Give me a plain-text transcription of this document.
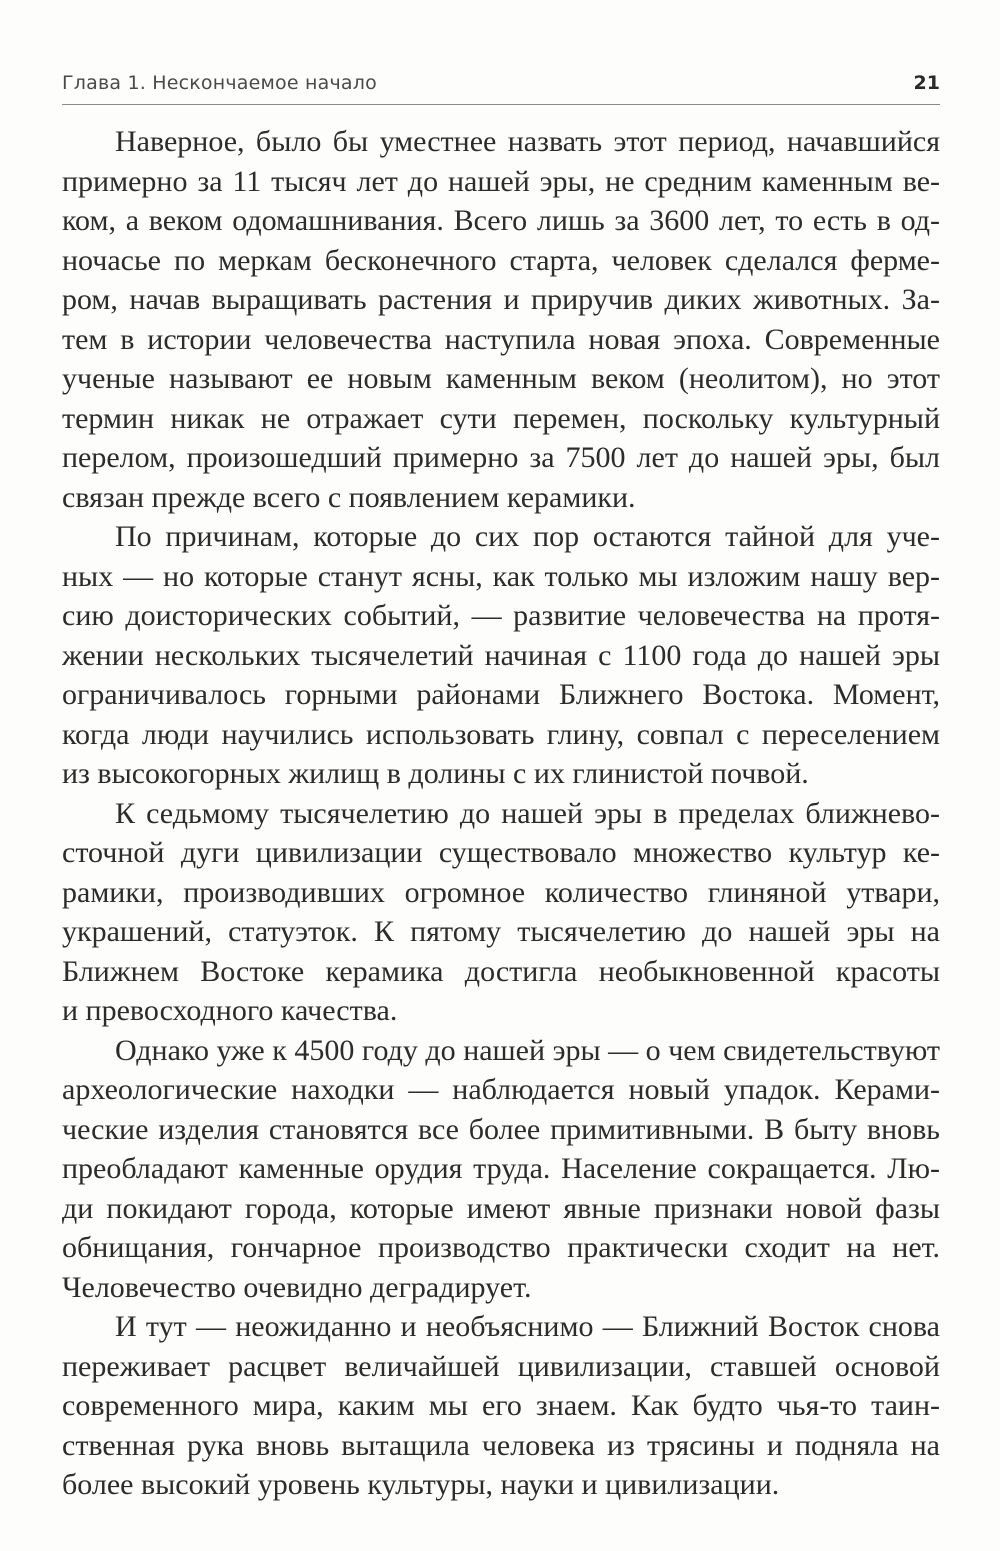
Глава 1. Нескончаемое начало	21
Наверное, было бы уместнее назвать этот период, начавшийся
примерно за 11 тысяч лет до нашей эры, не средним каменным ве-
ком, а веком одомашнивания. Всего лишь за 3600 лет, то есть в од-
ночасье по меркам бесконечного старта, человек сделался ферме-
ром, начав выращивать растения и приручив диких животных. За-
тем в истории человечества наступила новая эпоха. Современные
ученые называют ее новым каменным веком (неолитом), но этот
термин никак не отражает сути перемен, поскольку культурный
перелом, произошедший примерно за 7500 лет до нашей эры, был
связан прежде всего с появлением керамики.
По причинам, которые до сих пор остаются тайной для уче-
ных — но которые станут ясны, как только мы изложим нашу вер-
сию доисторических событий, — развитие человечества на протя-
жении нескольких тысячелетий начиная с 1100 года до нашей эры
ограничивалось горными районами Ближнего Востока. Момент,
когда люди научились использовать глину, совпал с переселением
из высокогорных жилищ в долины с их глинистой почвой.
К седьмому тысячелетию до нашей эры в пределах ближнево-
сточной дуги цивилизации существовало множество культур ке-
рамики, производивших огромное количество глиняной утвари,
украшений, статуэток. К пятому тысячелетию до нашей эры на
Ближнем Востоке керамика достигла необыкновенной красоты
и превосходного качества.
Однако уже к 4500 году до нашей эры — о чем свидетельствуют
археологические находки — наблюдается новый упадок. Керами-
ческие изделия становятся все более примитивными. В быту вновь
преобладают каменные орудия труда. Население сокращается. Лю-
ди покидают города, которые имеют явные признаки новой фазы
обнищания, гончарное производство практически сходит на нет.
Человечество очевидно деградирует.
И тут — неожиданно и необъяснимо — Ближний Восток снова
переживает расцвет величайшей цивилизации, ставшей основой
современного мира, каким мы его знаем. Как будто чья-то таин-
ственная рука вновь вытащила человека из трясины и подняла на
более высокий уровень культуры, науки и цивилизации.
